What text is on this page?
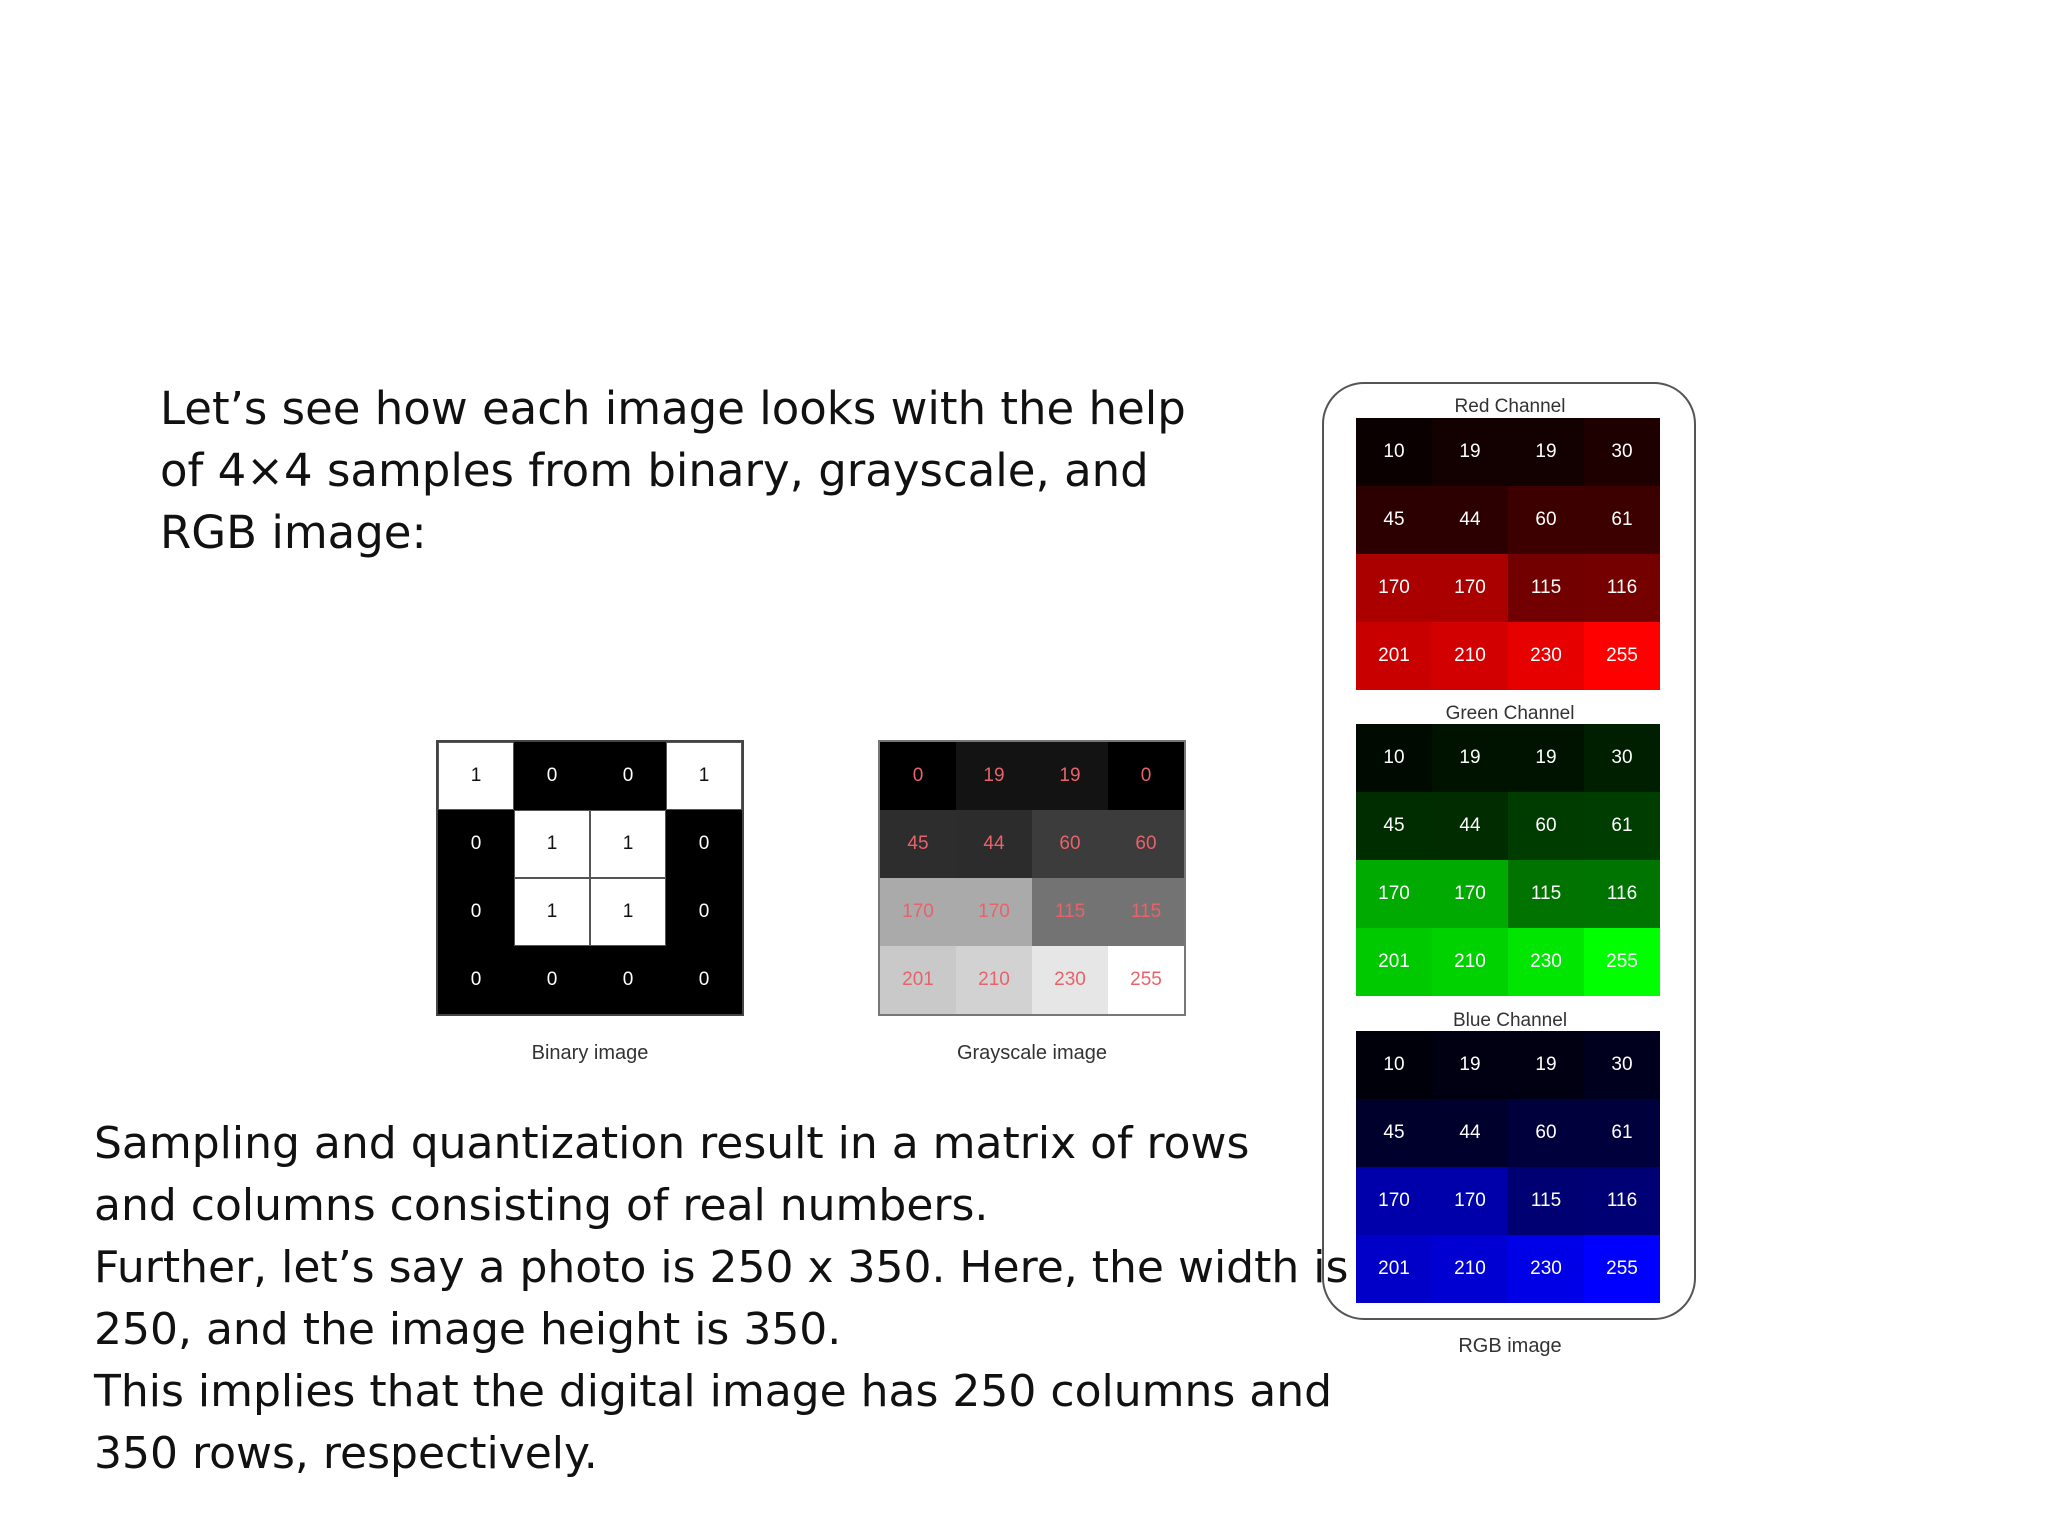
Let’s see how each image looks with the help
of 4×4 samples from binary, grayscale, and
RGB image:
1	0	0	1
0	1	1	0
0	1	1	0
0	0	0	0
Binary image
0	19	19	0
45	44	60	60
170	170	115	115
201	210	230	255
Grayscale image
Red Channel
10	19	19	30
45	44	60	61
170	170	115	116
201	210	230	255
Green Channel
10	19	19	30
45	44	60	61
170	170	115	116
201	210	230	255
Blue Channel
10	19	19	30
45	44	60	61
170	170	115	116
201	210	230	255
RGB image
Sampling and quantization result in a matrix of rows
and columns consisting of real numbers.
Further, let’s say a photo is 250 x 350. Here, the width is
250, and the image height is 350.
This implies that the digital image has 250 columns and
350 rows, respectively.
